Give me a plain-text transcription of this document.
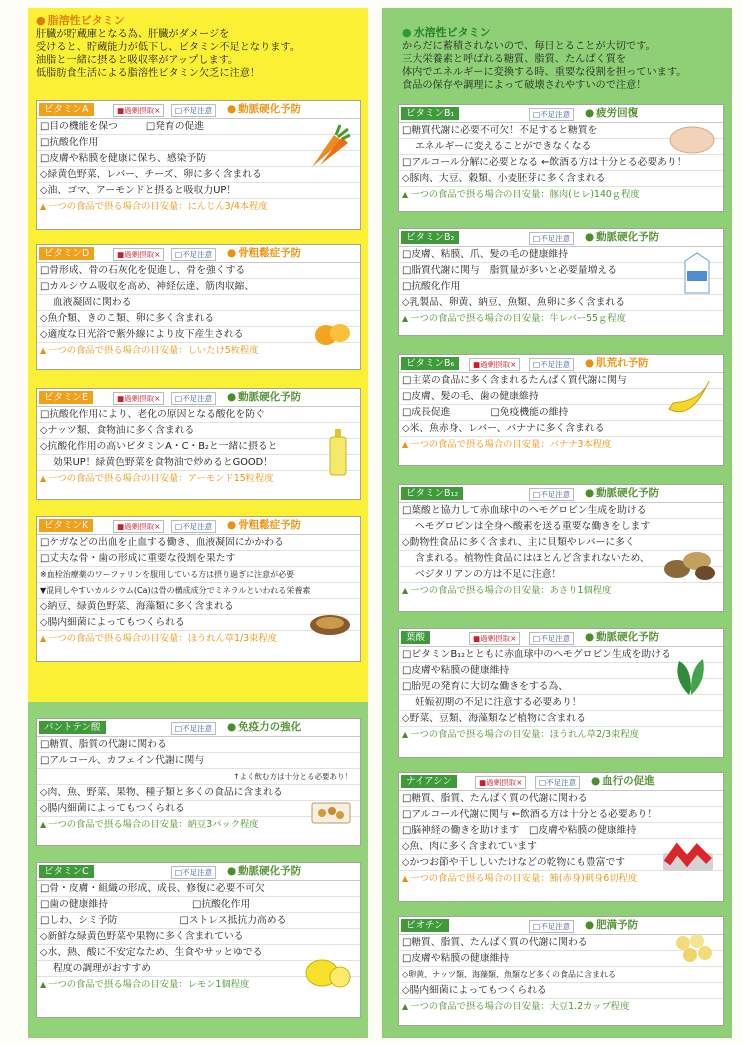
● 脂溶性ビタミン
肝臓が貯蔵庫となる為、肝臓がダメージを
受けると、貯蔵能力が低下し、ビタミン不足となります。
油脂と一緒に摂ると吸収率がアップします。
低脂肪食生活による脂溶性ビタミン欠乏に注意！
● 水溶性ビタミン
からだに蓄積されないので、毎日とることが大切です。
三大栄養素と呼ばれる糖質、脂質、たんぱく質を
体内でエネルギーに変換する時、重要な役割を担っています。
食品の保存や調理によって破壊されやすいので注意！
ビタミンA	■過剰摂取×	□不足注意	● 動脈硬化予防
□目の機能を保つ	□発育の促進
□抗酸化作用
□皮膚や粘膜を健康に保ち、感染予防
◇緑黄色野菜、レバー、チーズ、卵に多く含まれる
◇油、ゴマ、アーモンドと摂ると吸収力UP！
▲ 一つの食品で摂る場合の目安量：にんじん3/4本程度
ビタミンD	■過剰摂取×	□不足注意	● 骨粗鬆症予防
□骨形成、骨の石灰化を促進し、骨を強くする
□カルシウム吸収を高め、神経伝達、筋肉収縮、
血液凝固に関わる
◇魚介類、きのこ類、卵に多く含まれる
◇適度な日光浴で紫外線により皮下産生される
▲ 一つの食品で摂る場合の目安量：しいたけ5枚程度
ビタミンE	■過剰摂取×	□不足注意	● 動脈硬化予防
□抗酸化作用により、老化の原因となる酸化を防ぐ
◇ナッツ類、食物油に多く含まれる
◇抗酸化作用の高いビタミンA・C・B₂と一緒に摂ると
効果UP！緑黄色野菜を食物油で炒めるとGOOD！
▲ 一つの食品で摂る場合の目安量：アーモンド15粒程度
ビタミンK	■過剰摂取×	□不足注意	● 骨粗鬆症予防
□ケガなどの出血を止血する働き、血液凝固にかかわる
□丈夫な骨・歯の形成に重要な役割を果たす
※血栓治療薬のワーファリンを服用している方は摂り過ぎに注意が必要
▼混同しやすいカルシウム(Ca)は骨の構成成分でミネラルといわれる栄養素
◇納豆、緑黄色野菜、海藻類に多く含まれる
◇腸内細菌によってもつくられる
▲ 一つの食品で摂る場合の目安量：ほうれん草1/3束程度
ビタミンB₁	□不足注意	● 疲労回復
□糖質代謝に必要不可欠！不足すると糖質を
エネルギーに変えることができなくなる
□アルコール分解に必要となる ←飲酒る方は十分とる必要あり！
◇豚肉、大豆、穀類、小麦胚芽に多く含まれる
▲ 一つの食品で摂る場合の目安量：豚肉(ヒレ)140ｇ程度
ビタミンB₂	□不足注意	● 動脈硬化予防
□皮膚、粘膜、爪、髪の毛の健康維持
□脂質代謝に関与　脂質量が多いと必要量増える
□抗酸化作用
◇乳製品、卵黄、納豆、魚類、魚卵に多く含まれる
▲ 一つの食品で摂る場合の目安量：牛レバー55ｇ程度
ビタミンB₆	■過剰摂取×	□不足注意	● 肌荒れ予防
□主菜の食品に多く含まれるたんぱく質代謝に関与
□皮膚、髪の毛、歯の健康維持
□成長促進	□免疫機能の維持
◇米、魚赤身、レバー、バナナに多く含まれる
▲ 一つの食品で摂る場合の目安量：バナナ3本程度
ビタミンB₁₂	□不足注意	● 動脈硬化予防
□葉酸と協力して赤血球中のヘモグロビン生成を助ける
ヘモグロビンは全身へ酸素を送る重要な働きをします
◇動物性食品に多く含まれ、主に貝類やレバーに多く
含まれる。植物性食品にはほとんど含まれないため、
ベジタリアンの方は不足に注意！
▲ 一つの食品で摂る場合の目安量：あさり1個程度
葉酸	■過剰摂取×	□不足注意	● 動脈硬化予防
□ビタミンB₁₂とともに赤血球中のヘモグロビン生成を助ける
□皮膚や粘膜の健康維持
□胎児の発育に大切な働きをする為、
妊娠初期の不足に注意する必要あり！
◇野菜、豆類、海藻類など植物に含まれる
▲ 一つの食品で摂る場合の目安量：ほうれん草2/3束程度
ナイアシン	■過剰摂取×	□不足注意	● 血行の促進
□糖質、脂質、たんぱく質の代謝に関わる
□アルコール代謝に関与 ←飲酒る方は十分とる必要あり！
□脳神経の働きを助けます □皮膚や粘膜の健康維持
◇魚、肉に多く含まれています
◇かつお節や干ししいたけなどの乾物にも豊富です
▲ 一つの食品で摂る場合の目安量：鮪(赤身)刺身6切程度
ビオチン	□不足注意	● 肥満予防
□糖質、脂質、たんぱく質の代謝に関わる
□皮膚や粘膜の健康維持
◇卵黄、ナッツ類、海藻類、魚類など多くの食品に含まれる
◇腸内細菌によってもつくられる
▲ 一つの食品で摂る場合の目安量：大豆1.2カップ程度
パントテン酸	□不足注意	● 免疫力の強化
□糖質、脂質の代謝に関わる
□アルコール、カフェイン代謝に関与
↑よく飲む方は十分とる必要あり！
◇肉、魚、野菜、果物、種子類と多くの食品に含まれる
◇腸内細菌によってもつくられる
▲ 一つの食品で摂る場合の目安量：納豆3パック程度
ビタミンC	□不足注意	● 動脈硬化予防
□骨・皮膚・組織の形成、成長、修復に必要不可欠
□歯の健康維持	□抗酸化作用
□しわ、シミ予防	□ストレス抵抗力高める
◇新鮮な緑黄色野菜や果物に多く含まれている
◇水、熱、酸に不安定なため、生食やサッとゆでる
程度の調理がおすすめ
▲ 一つの食品で摂る場合の目安量：レモン1個程度
